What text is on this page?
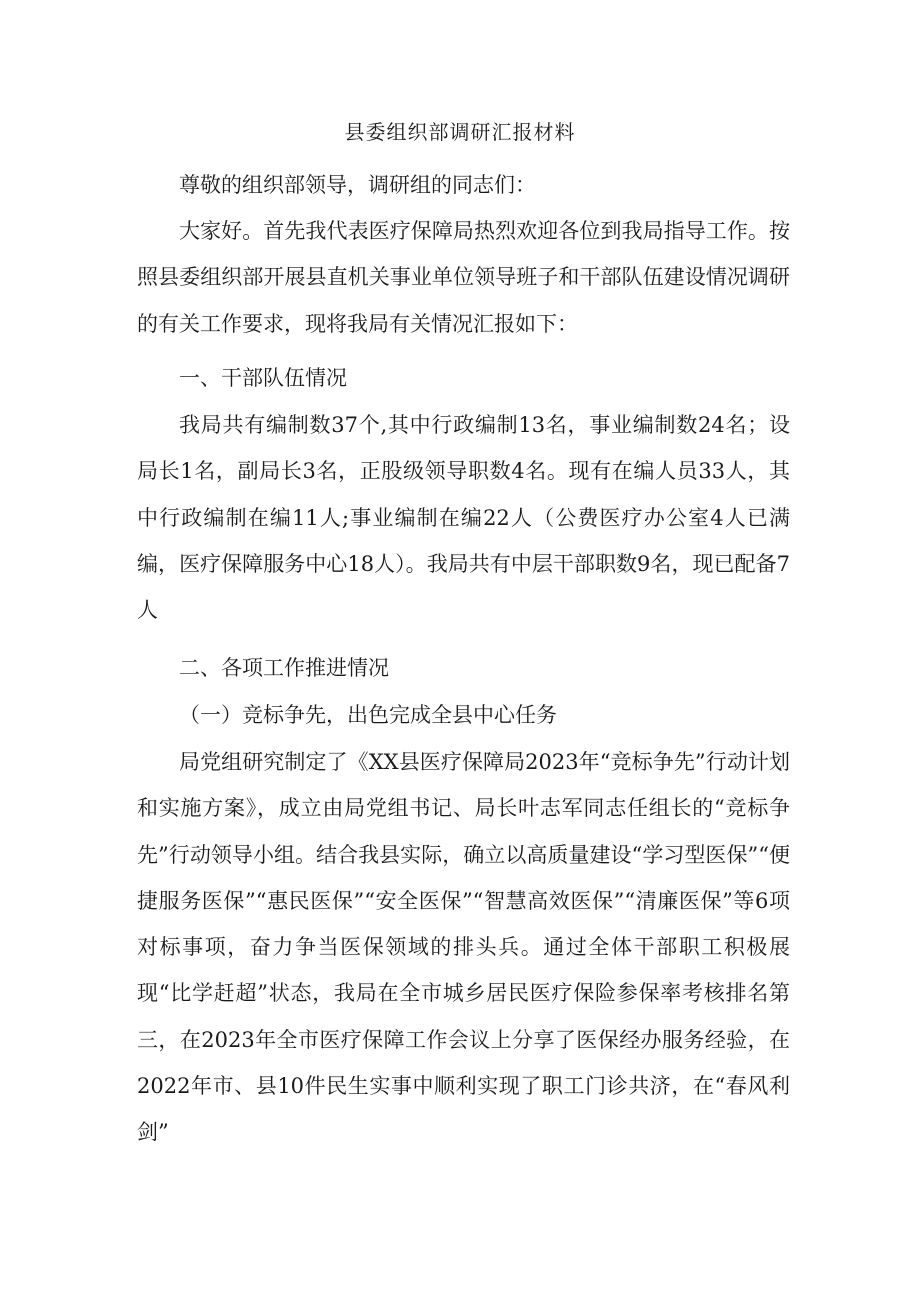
县委组织部调研汇报材料

尊敬的组织部领导，调研组的同志们：

大家好。首先我代表医疗保障局热烈欢迎各位到我局指导工作。按照县委组织部开展县直机关事业单位领导班子和干部队伍建设情况调研的有关工作要求，现将我局有关情况汇报如下：

一、干部队伍情况

我局共有编制数37个,其中行政编制13名，事业编制数24名；设局长1名，副局长3名，正股级领导职数4名。现有在编人员33人，其中行政编制在编11人;事业编制在编22人（公费医疗办公室4人已满编，医疗保障服务中心18人）。我局共有中层干部职数9名，现已配备7人

二、各项工作推进情况

（一）竞标争先，出色完成全县中心任务

局党组研究制定了《XX县医疗保障局2023年“竞标争先”行动计划和实施方案》，成立由局党组书记、局长叶志军同志任组长的“竞标争先”行动领导小组。结合我县实际，确立以高质量建设“学习型医保”“便捷服务医保”“惠民医保”“安全医保”“智慧高效医保”“清廉医保”等6项对标事项，奋力争当医保领域的排头兵。通过全体干部职工积极展现“比学赶超”状态，我局在全市城乡居民医疗保险参保率考核排名第三，在2023年全市医疗保障工作会议上分享了医保经办服务经验，在2022年市、县10件民生实事中顺利实现了职工门诊共济，在“春风利剑”
